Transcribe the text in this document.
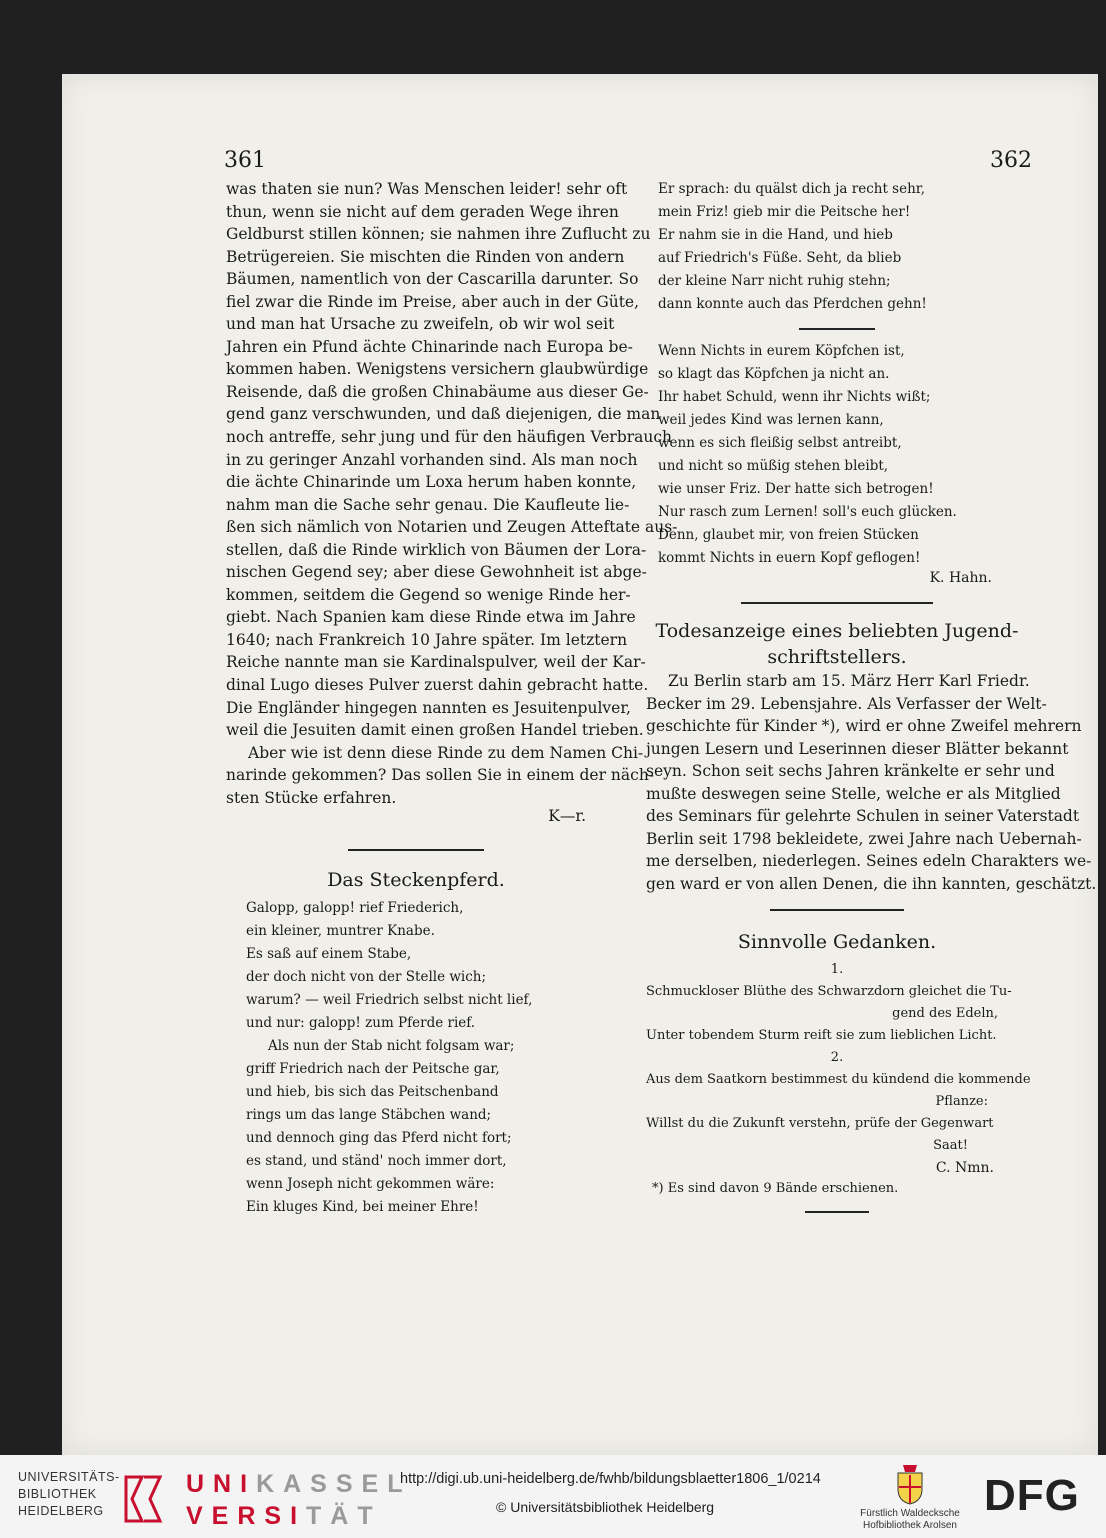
361	362
was thaten sie nun? Was Menschen leider! sehr oft
thun, wenn sie nicht auf dem geraden Wege ihren
Geldburst stillen können; sie nahmen ihre Zuflucht zu
Betrügereien. Sie mischten die Rinden von andern
Bäumen, namentlich von der Cascarilla darunter. So
fiel zwar die Rinde im Preise, aber auch in der Güte,
und man hat Ursache zu zweifeln, ob wir wol seit
Jahren ein Pfund ächte Chinarinde nach Europa be-
kommen haben. Wenigstens versichern glaubwürdige
Reisende, daß die großen Chinabäume aus dieser Ge-
gend ganz verschwunden, und daß diejenigen, die man
noch antreffe, sehr jung und für den häufigen Verbrauch
in zu geringer Anzahl vorhanden sind. Als man noch
die ächte Chinarinde um Loxa herum haben konnte,
nahm man die Sache sehr genau. Die Kaufleute lie-
ßen sich nämlich von Notarien und Zeugen Atteftate aus-
stellen, daß die Rinde wirklich von Bäumen der Lora-
nischen Gegend sey; aber diese Gewohnheit ist abge-
kommen, seitdem die Gegend so wenige Rinde her-
giebt. Nach Spanien kam diese Rinde etwa im Jahre
1640; nach Frankreich 10 Jahre später. Im letztern
Reiche nannte man sie Kardinalspulver, weil der Kar-
dinal Lugo dieses Pulver zuerst dahin gebracht hatte.
Die Engländer hingegen nannten es Jesuitenpulver,
weil die Jesuiten damit einen großen Handel trieben.
Aber wie ist denn diese Rinde zu dem Namen Chi-
narinde gekommen? Das sollen Sie in einem der näch-
sten Stücke erfahren.
K—r.
Das Steckenpferd.
Galopp, galopp! rief Friederich,
ein kleiner, muntrer Knabe.
Es saß auf einem Stabe,
der doch nicht von der Stelle wich;
warum? — weil Friedrich selbst nicht lief,
und nur: galopp! zum Pferde rief.
Als nun der Stab nicht folgsam war;
griff Friedrich nach der Peitsche gar,
und hieb, bis sich das Peitschenband
rings um das lange Stäbchen wand;
und dennoch ging das Pferd nicht fort;
es stand, und ständ' noch immer dort,
wenn Joseph nicht gekommen wäre:
Ein kluges Kind, bei meiner Ehre!
Er sprach: du quälst dich ja recht sehr,
mein Friz! gieb mir die Peitsche her!
Er nahm sie in die Hand, und hieb
auf Friedrich's Füße. Seht, da blieb
der kleine Narr nicht ruhig stehn;
dann konnte auch das Pferdchen gehn!
Wenn Nichts in eurem Köpfchen ist,
so klagt das Köpfchen ja nicht an.
Ihr habet Schuld, wenn ihr Nichts wißt;
weil jedes Kind was lernen kann,
wenn es sich fleißig selbst antreibt,
und nicht so müßig stehen bleibt,
wie unser Friz. Der hatte sich betrogen!
Nur rasch zum Lernen! soll's euch glücken.
Denn, glaubet mir, von freien Stücken
kommt Nichts in euern Kopf geflogen!
K. Hahn.
Todesanzeige eines beliebten Jugend-
schriftstellers.
Zu Berlin starb am 15. März Herr Karl Friedr.
Becker im 29. Lebensjahre. Als Verfasser der Welt-
geschichte für Kinder *), wird er ohne Zweifel mehrern
jungen Lesern und Leserinnen dieser Blätter bekannt
seyn. Schon seit sechs Jahren kränkelte er sehr und
mußte deswegen seine Stelle, welche er als Mitglied
des Seminars für gelehrte Schulen in seiner Vaterstadt
Berlin seit 1798 bekleidete, zwei Jahre nach Uebernah-
me derselben, niederlegen. Seines edeln Charakters we-
gen ward er von allen Denen, die ihn kannten, geschätzt.
Sinnvolle Gedanken.
1.
Schmuckloser Blüthe des Schwarzdorn gleichet die Tu-
gend des Edeln,
Unter tobendem Sturm reift sie zum lieblichen Licht.
2.
Aus dem Saatkorn bestimmest du kündend die kommende
Pflanze:
Willst du die Zukunft verstehn, prüfe der Gegenwart
Saat!
C. Nmn.
*) Es sind davon 9 Bände erschienen.
UNIVERSITÄTS-
BIBLIOTHEK
HEIDELBERG
UNIKASSEL
VERSITÄT
http://digi.ub.uni-heidelberg.de/fwhb/bildungsblaetter1806_1/0214
© Universitätsbibliothek Heidelberg	Fürstlich Waldecksche
Hofbibliothek Arolsen
DFG
